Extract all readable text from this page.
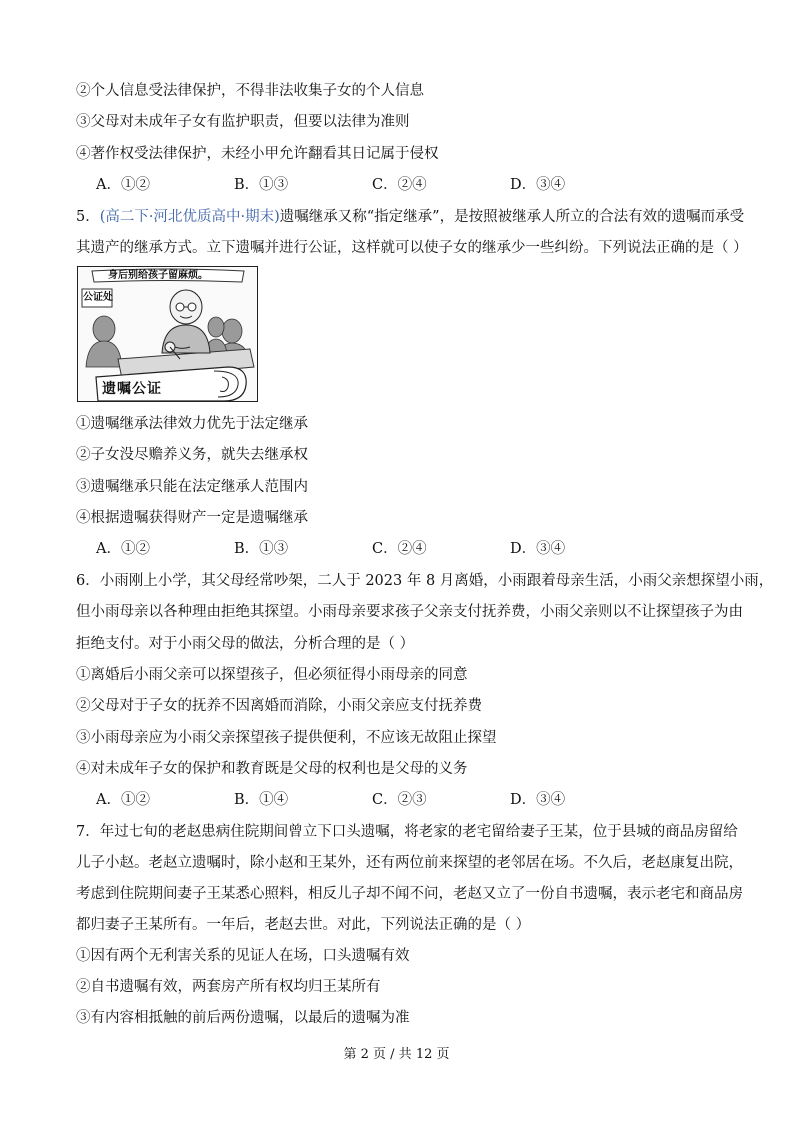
②个人信息受法律保护，不得非法收集子女的个人信息
③父母对未成年子女有监护职责，但要以法律为准则
④著作权受法律保护，未经小甲允许翻看其日记属于侵权
A．①②	B．①③	C．②④	D．③④
5．(高二下·河北优质高中·期末)遗嘱继承又称“指定继承”，是按照被继承人所立的合法有效的遗嘱而承受
其遗产的继承方式。立下遗嘱并进行公证，这样就可以使子女的继承少一些纠纷。下列说法正确的是（ ）
身后别给孩子留麻烦。
公证处
遗嘱公证
①遗嘱继承法律效力优先于法定继承
②子女没尽赡养义务，就失去继承权
③遗嘱继承只能在法定继承人范围内
④根据遗嘱获得财产一定是遗嘱继承
A．①②	B．①③	C．②④	D．③④
6．小雨刚上小学，其父母经常吵架，二人于 2023 年 8 月离婚，小雨跟着母亲生活，小雨父亲想探望小雨，
但小雨母亲以各种理由拒绝其探望。小雨母亲要求孩子父亲支付抚养费，小雨父亲则以不让探望孩子为由
拒绝支付。对于小雨父母的做法，分析合理的是（ ）
①离婚后小雨父亲可以探望孩子，但必须征得小雨母亲的同意
②父母对于子女的抚养不因离婚而消除，小雨父亲应支付抚养费
③小雨母亲应为小雨父亲探望孩子提供便利，不应该无故阻止探望
④对未成年子女的保护和教育既是父母的权利也是父母的义务
A．①②	B．①④	C．②③	D．③④
7．年过七旬的老赵患病住院期间曾立下口头遗嘱，将老家的老宅留给妻子王某，位于县城的商品房留给
儿子小赵。老赵立遗嘱时，除小赵和王某外，还有两位前来探望的老邻居在场。不久后，老赵康复出院，
考虑到住院期间妻子王某悉心照料，相反儿子却不闻不问，老赵又立了一份自书遗嘱，表示老宅和商品房
都归妻子王某所有。一年后，老赵去世。对此，下列说法正确的是（ ）
①因有两个无利害关系的见证人在场，口头遗嘱有效
②自书遗嘱有效，两套房产所有权均归王某所有
③有内容相抵触的前后两份遗嘱，以最后的遗嘱为准
第 2 页 / 共 12 页
